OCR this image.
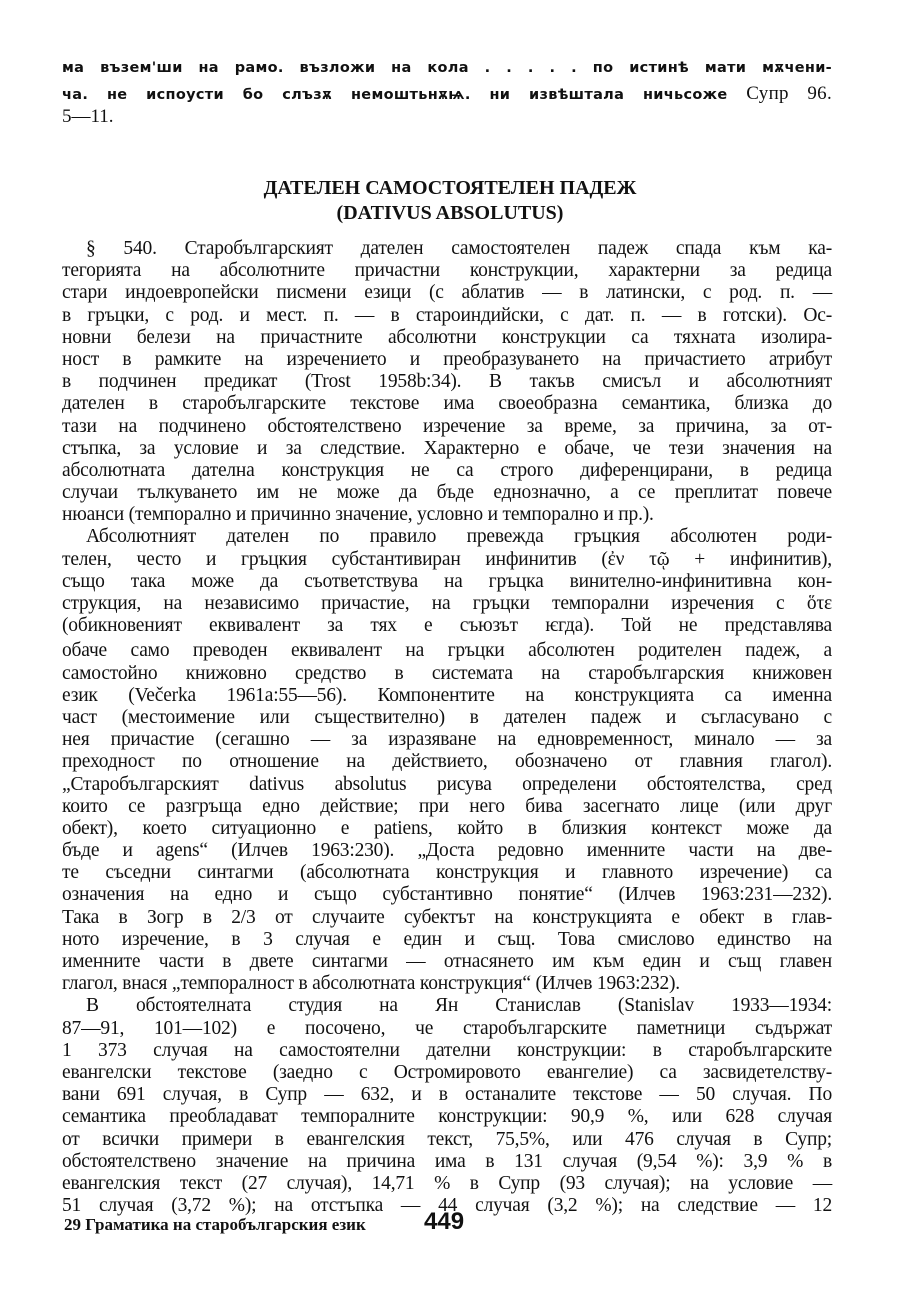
ма възем'ши на рамо. възложи на кола . . . . . по истинѣ мати мѫчени-
ча. не испоусти бо слъзѫ немоштьнѫѩ. ни извѣштала ничьсоже Супр 96.
5—11.
ДАТЕЛЕН САМОСТОЯТЕЛЕН ПАДЕЖ
(DATIVUS ABSOLUTUS)
§ 540. Старобългарският дателен самостоятелен падеж спада към ка-
тегорията на абсолютните причастни конструкции, характерни за редица
стари индоевропейски писмени езици (с аблатив — в латински, с род. п. —
в гръцки, с род. и мест. п. — в староиндийски, с дат. п. — в готски). Ос-
новни белези на причастните абсолютни конструкции са тяхната изолира-
ност в рамките на изречението и преобразуването на причастието атрибут
в подчинен предикат (Trost 1958b:34). В такъв смисъл и абсолютният
дателен в старобългарските текстове има своеобразна семантика, близка до
тази на подчинено обстоятелствено изречение за време, за причина, за от-
стъпка, за условие и за следствие. Характерно е обаче, че тези значения на
абсолютната дателна конструкция не са строго диференцирани, в редица
случаи тълкуването им не може да бъде еднозначно, а се преплитат повече
нюанси (темпорално и причинно значение, условно и темпорално и пр.).
Абсолютният дателен по правило превежда гръцкия абсолютен роди-
телен, често и гръцкия субстантивиран инфинитив (ἐν τῷ + инфинитив),
също така може да съответствува на гръцка винително-инфинитивна кон-
струкция, на независимо причастие, на гръцки темпорални изречения с ὅτε
(обикновеният еквивалент за тях е съюзът ѥгда). Той не представлява
обаче само преводен еквивалент на гръцки абсолютен родителен падеж, а
самостойно книжовно средство в системата на старобългарския книжовен
език (Večerka 1961a:55—56). Компонентите на конструкцията са именна
част (местоимение или съществително) в дателен падеж и съгласувано с
нея причастие (сегашно — за изразяване на едновременност, минало — за
преходност по отношение на действието, обозначено от главния глагол).
„Старобългарският dativus absolutus рисува определени обстоятелства, сред
които се разгръща едно действие; при него бива засегнато лице (или друг
обект), което ситуационно е patiens, който в близкия контекст може да
бъде и agens“ (Илчев 1963:230). „Доста редовно именните части на две-
те съседни синтагми (абсолютната конструкция и главното изречение) са
означения на едно и също субстантивно понятие“ (Илчев 1963:231—232).
Така в Зогр в 2/3 от случаите субектът на конструкцията е обект в глав-
ното изречение, в 3 случая е един и същ. Това смислово единство на
именните части в двете синтагми — отнасянето им към един и същ главен
глагол, внася „темпоралност в абсолютната конструкция“ (Илчев 1963:232).
В обстоятелната студия на Ян Станислав (Stanislav 1933—1934:
87—91, 101—102) е посочено, че старобългарските паметници съдържат
1 373 случая на самостоятелни дателни конструкции: в старобългарските
евангелски текстове (заедно с Остромировото евангелие) са засвидетелству-
вани 691 случая, в Супр — 632, и в останалите текстове — 50 случая. По
семантика преобладават темпоралните конструкции: 90,9 %, или 628 случая
от всички примери в евангелския текст, 75,5%, или 476 случая в Супр;
обстоятелствено значение на причина има в 131 случая (9,54 %): 3,9 % в
евангелския текст (27 случая), 14,71 % в Супр (93 случая); на условие —
51 случая (3,72 %); на отстъпка — 44 случая (3,2 %); на следствие — 12
29 Граматика на старобългарския език 449
